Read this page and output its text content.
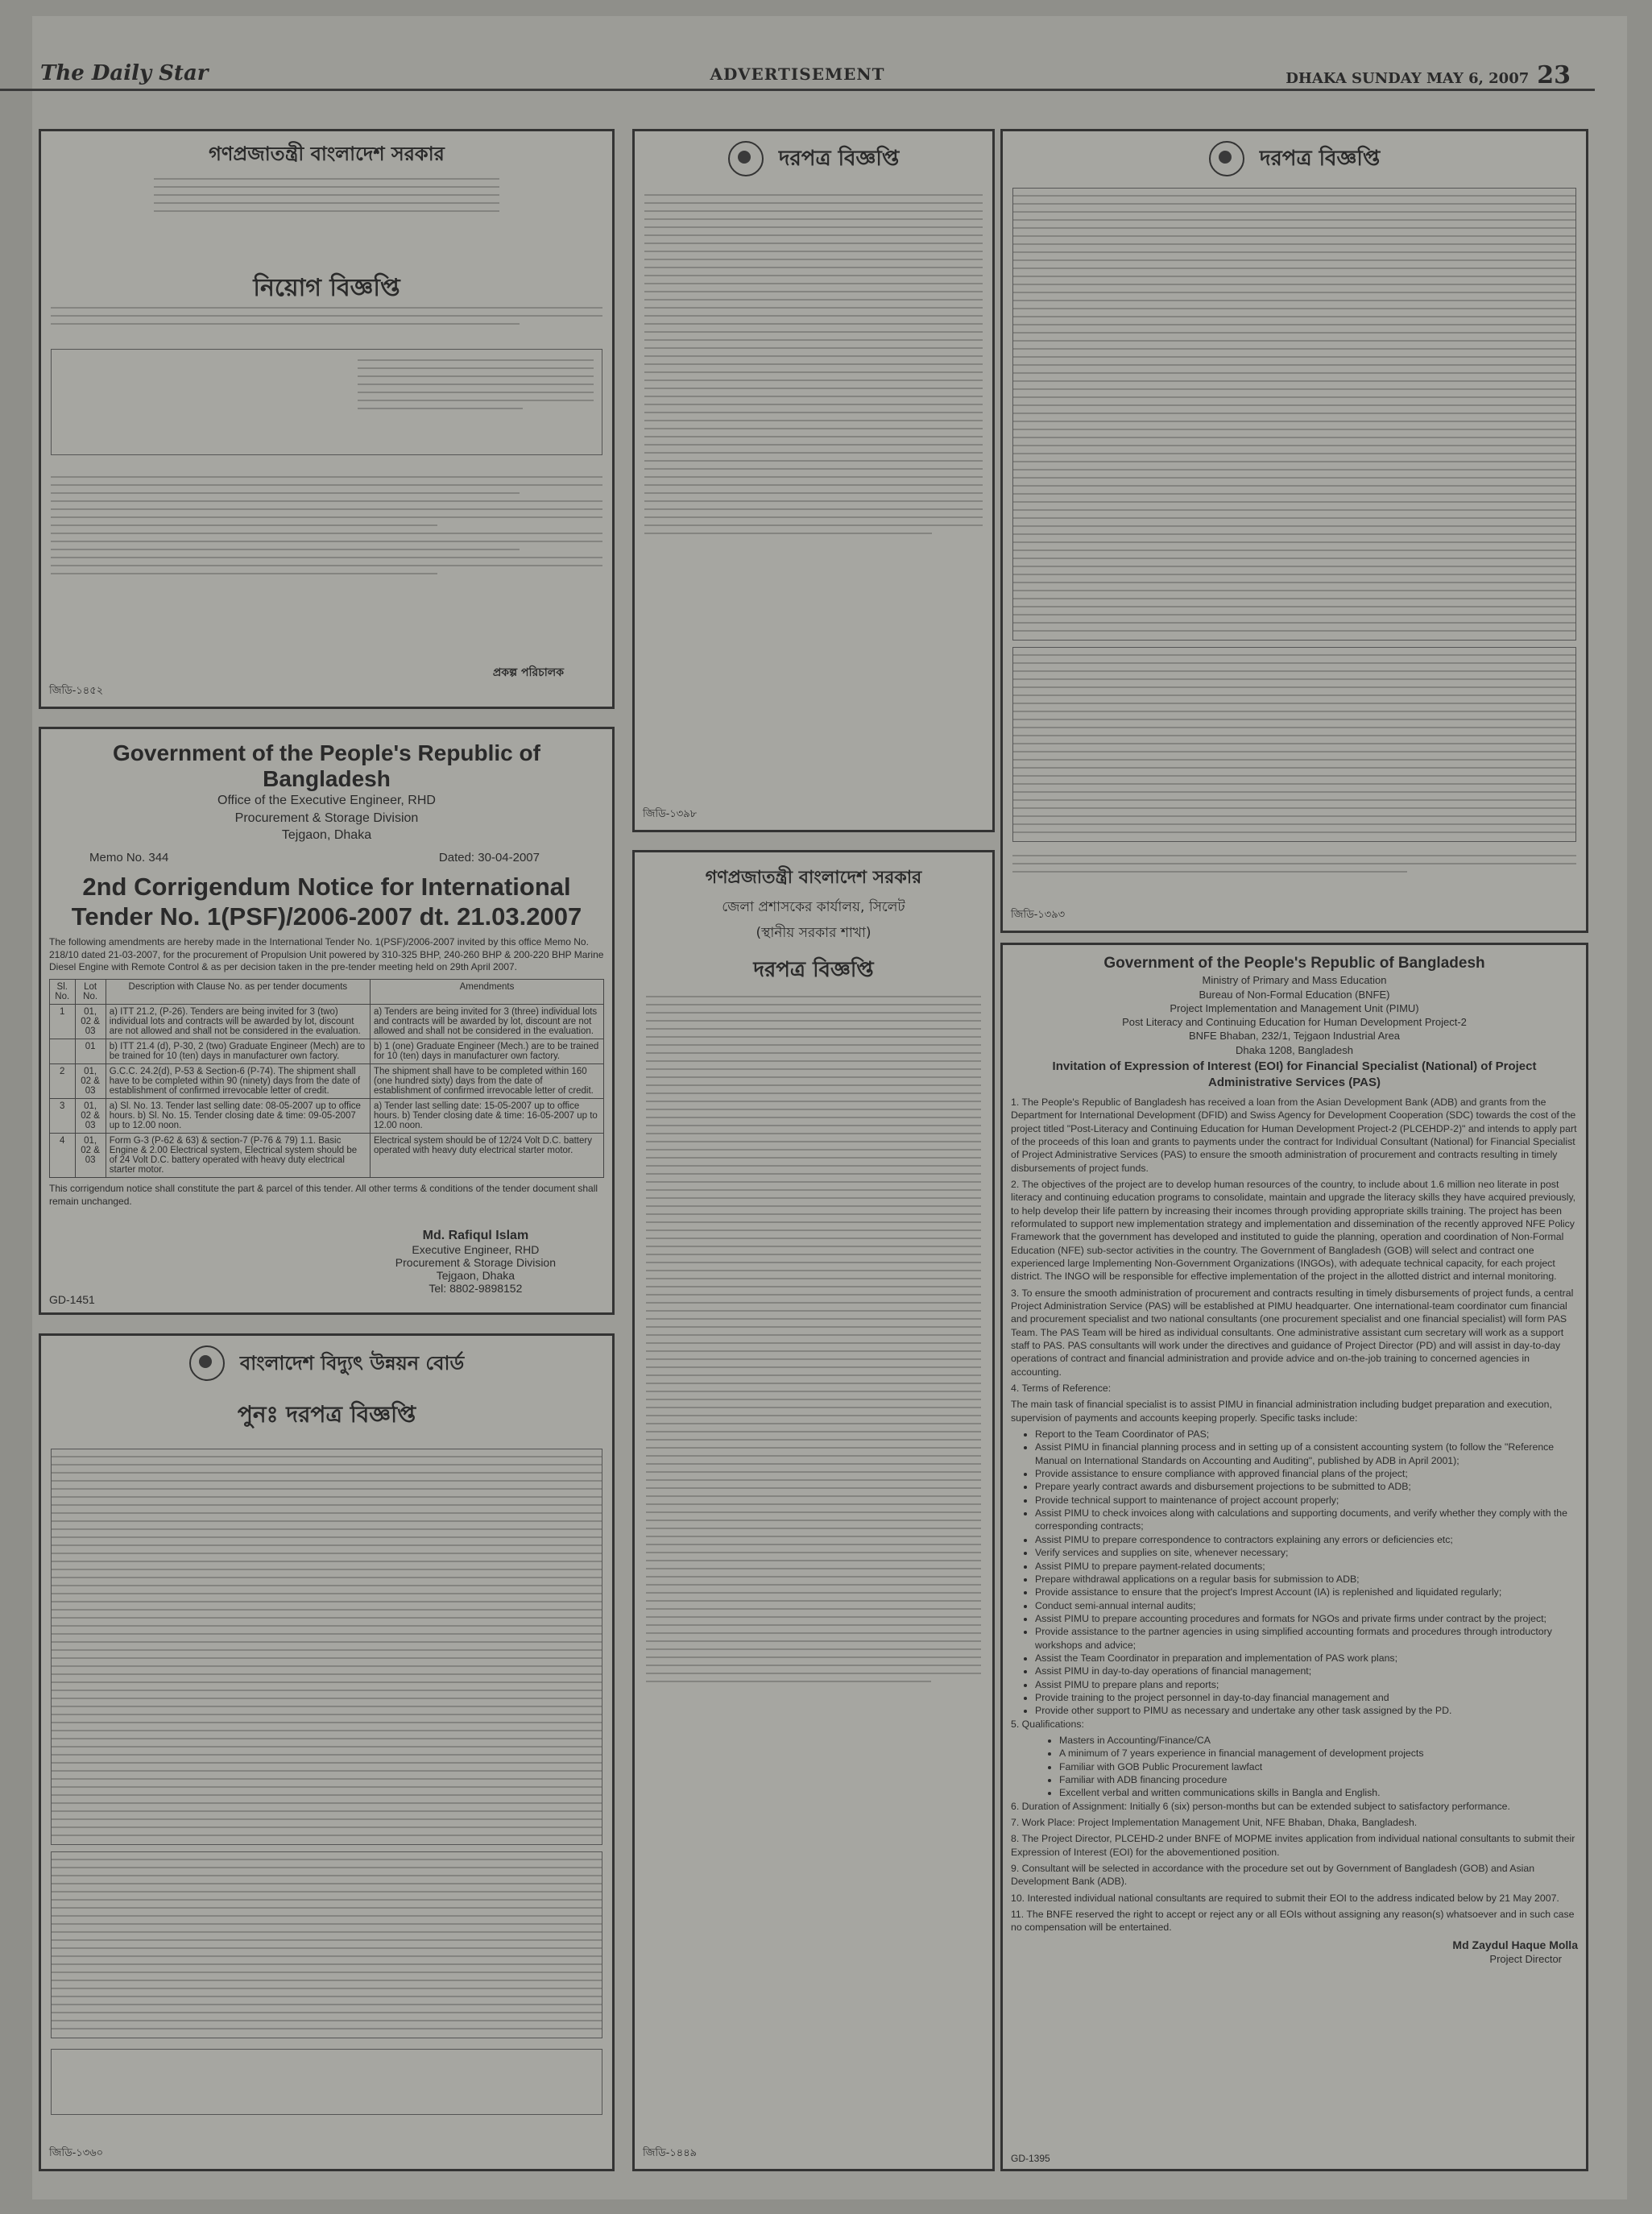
The Daily Star	ADVERTISEMENT	DHAKA SUNDAY MAY 6, 2007 23
গণপ্রজাতন্ত্রী বাংলাদেশ সরকার
নিয়োগ বিজ্ঞপ্তি
প্রকল্প পরিচালক
জিডি-১৪৫২
Government of the People's Republic of Bangladesh
Office of the Executive Engineer, RHD
Procurement & Storage Division
Tejgaon, Dhaka
Memo No. 344	Dated: 30-04-2007
2nd Corrigendum Notice for International Tender No. 1(PSF)/2006-2007 dt. 21.03.2007
The following amendments are hereby made in the International Tender No. 1(PSF)/2006-2007 invited by this office Memo No. 218/10 dated 21-03-2007, for the procurement of Propulsion Unit powered by 310-325 BHP, 240-260 BHP & 200-220 BHP Marine Diesel Engine with Remote Control & as per decision taken in the pre-tender meeting held on 29th April 2007.
Sl. No.	Lot No.	Description with Clause No. as per tender documents	Amendments
1	01, 02 & 03	a) ITT 21.2, (P-26). Tenders are being invited for 3 (two) individual lots and contracts will be awarded by lot, discount are not allowed and shall not be considered in the evaluation.	a) Tenders are being invited for 3 (three) individual lots and contracts will be awarded by lot, discount are not allowed and shall not be considered in the evaluation.
	01	b) ITT 21.4 (d), P-30, 2 (two) Graduate Engineer (Mech) are to be trained for 10 (ten) days in manufacturer own factory.	b) 1 (one) Graduate Engineer (Mech.) are to be trained for 10 (ten) days in manufacturer own factory.
2	01, 02 & 03	G.C.C. 24.2(d), P-53 & Section-6 (P-74). The shipment shall have to be completed within 90 (ninety) days from the date of establishment of confirmed irrevocable letter of credit.	The shipment shall have to be completed within 160 (one hundred sixty) days from the date of establishment of confirmed irrevocable letter of credit.
3	01, 02 & 03	a) Sl. No. 13. Tender last selling date: 08-05-2007 up to office hours. b) Sl. No. 15. Tender closing date & time: 09-05-2007 up to 12.00 noon.	a) Tender last selling date: 15-05-2007 up to office hours. b) Tender closing date & time: 16-05-2007 up to 12.00 noon.
4	01, 02 & 03	Form G-3 (P-62 & 63) & section-7 (P-76 & 79) 1.1. Basic Engine & 2.00 Electrical system, Electrical system should be of 24 Volt D.C. battery operated with heavy duty electrical starter motor.	Electrical system should be of 12/24 Volt D.C. battery operated with heavy duty electrical starter motor.
This corrigendum notice shall constitute the part & parcel of this tender. All other terms & conditions of the tender document shall remain unchanged.
Md. Rafiqul Islam
Executive Engineer, RHD
Procurement & Storage Division
Tejgaon, Dhaka
Tel: 8802-9898152
GD-1451
বাংলাদেশ বিদ্যুৎ উন্নয়ন বোর্ড
পুনঃ দরপত্র বিজ্ঞপ্তি
জিডি-১৩৬০
দরপত্র বিজ্ঞপ্তি
জিডি-১৩৯৮
গণপ্রজাতন্ত্রী বাংলাদেশ সরকার
জেলা প্রশাসকের কার্যালয়, সিলেট
(স্থানীয় সরকার শাখা)
দরপত্র বিজ্ঞপ্তি
জিডি-১৪৪৯
দরপত্র বিজ্ঞপ্তি
জিডি-১৩৯৩
Government of the People's Republic of Bangladesh
Ministry of Primary and Mass Education
Bureau of Non-Formal Education (BNFE)
Project Implementation and Management Unit (PIMU)
Post Literacy and Continuing Education for Human Development Project-2
BNFE Bhaban, 232/1, Tejgaon Industrial Area
Dhaka 1208, Bangladesh
Invitation of Expression of Interest (EOI) for Financial Specialist (National) of Project Administrative Services (PAS)

1. The People's Republic of Bangladesh has received a loan from the Asian Development Bank (ADB) and grants from the Department for International Development (DFID) and Swiss Agency for Development Cooperation (SDC) towards the cost of the project titled "Post-Literacy and Continuing Education for Human Development Project-2 (PLCEHDP-2)" and intends to apply part of the proceeds of this loan and grants to payments under the contract for Individual Consultant (National) for Financial Specialist of Project Administrative Services (PAS) to ensure the smooth administration of procurement and contracts resulting in timely disbursements of project funds.

2. The objectives of the project are to develop human resources of the country, to include about 1.6 million neo literate in post literacy and continuing education programs to consolidate, maintain and upgrade the literacy skills they have acquired previously, to help develop their life pattern by increasing their incomes through providing appropriate skills training. The project has been reformulated to support new implementation strategy and implementation and dissemination of the recently approved NFE Policy Framework that the government has developed and instituted to guide the planning, operation and coordination of Non-Formal Education (NFE) sub-sector activities in the country. The Government of Bangladesh (GOB) will select and contract one experienced large Implementing Non-Government Organizations (INGOs), with adequate technical capacity, for each project district. The INGO will be responsible for effective implementation of the project in the allotted district and internal monitoring.

3. To ensure the smooth administration of procurement and contracts resulting in timely disbursements of project funds, a central Project Administration Service (PAS) will be established at PIMU headquarter. One international-team coordinator cum financial and procurement specialist and two national consultants (one procurement specialist and one financial specialist) will form PAS Team. The PAS Team will be hired as individual consultants. One administrative assistant cum secretary will work as a support staff to PAS. PAS consultants will work under the directives and guidance of Project Director (PD) and will assist in day-to-day operations of contract and financial administration and provide advice and on-the-job training to concerned agencies in accounting.

4. Terms of Reference:

The main task of financial specialist is to assist PIMU in financial administration including budget preparation and execution, supervision of payments and accounts keeping properly. Specific tasks include:

• Report to the Team Coordinator of PAS;
• Assist PIMU in financial planning process and in setting up of a consistent accounting system (to follow the "Reference Manual on International Standards on Accounting and Auditing", published by ADB in April 2001);
• Provide assistance to ensure compliance with approved financial plans of the project;
• Prepare yearly contract awards and disbursement projections to be submitted to ADB;
• Provide technical support to maintenance of project account properly;
• Assist PIMU to check invoices along with calculations and supporting documents, and verify whether they comply with the corresponding contracts;
• Assist PIMU to prepare correspondence to contractors explaining any errors or deficiencies etc;
• Verify services and supplies on site, whenever necessary;
• Assist PIMU to prepare payment-related documents;
• Prepare withdrawal applications on a regular basis for submission to ADB;
• Provide assistance to ensure that the project's Imprest Account (IA) is replenished and liquidated regularly;
• Conduct semi-annual internal audits;
• Assist PIMU to prepare accounting procedures and formats for NGOs and private firms under contract by the project;
• Provide assistance to the partner agencies in using simplified accounting formats and procedures through introductory workshops and advice;
• Assist the Team Coordinator in preparation and implementation of PAS work plans;
• Assist PIMU in day-to-day operations of financial management;
• Assist PIMU to prepare plans and reports;
• Provide training to the project personnel in day-to-day financial management and
• Provide other support to PIMU as necessary and undertake any other task assigned by the PD.

5. Qualifications:

• Masters in Accounting/Finance/CA
• A minimum of 7 years experience in financial management of development projects
• Familiar with GOB Public Procurement lawfact
• Familiar with ADB financing procedure
• Excellent verbal and written communications skills in Bangla and English.

6. Duration of Assignment: Initially 6 (six) person-months but can be extended subject to satisfactory performance.

7. Work Place: Project Implementation Management Unit, NFE Bhaban, Dhaka, Bangladesh.

8. The Project Director, PLCEHD-2 under BNFE of MOPME invites application from individual national consultants to submit their Expression of Interest (EOI) for the abovementioned position.

9. Consultant will be selected in accordance with the procedure set out by Government of Bangladesh (GOB) and Asian Development Bank (ADB).

10. Interested individual national consultants are required to submit their EOI to the address indicated below by 21 May 2007.

11. The BNFE reserved the right to accept or reject any or all EOIs without assigning any reason(s) whatsoever and in such case no compensation will be entertained.

Md Zaydul Haque Molla
Project Director
GD-1395
